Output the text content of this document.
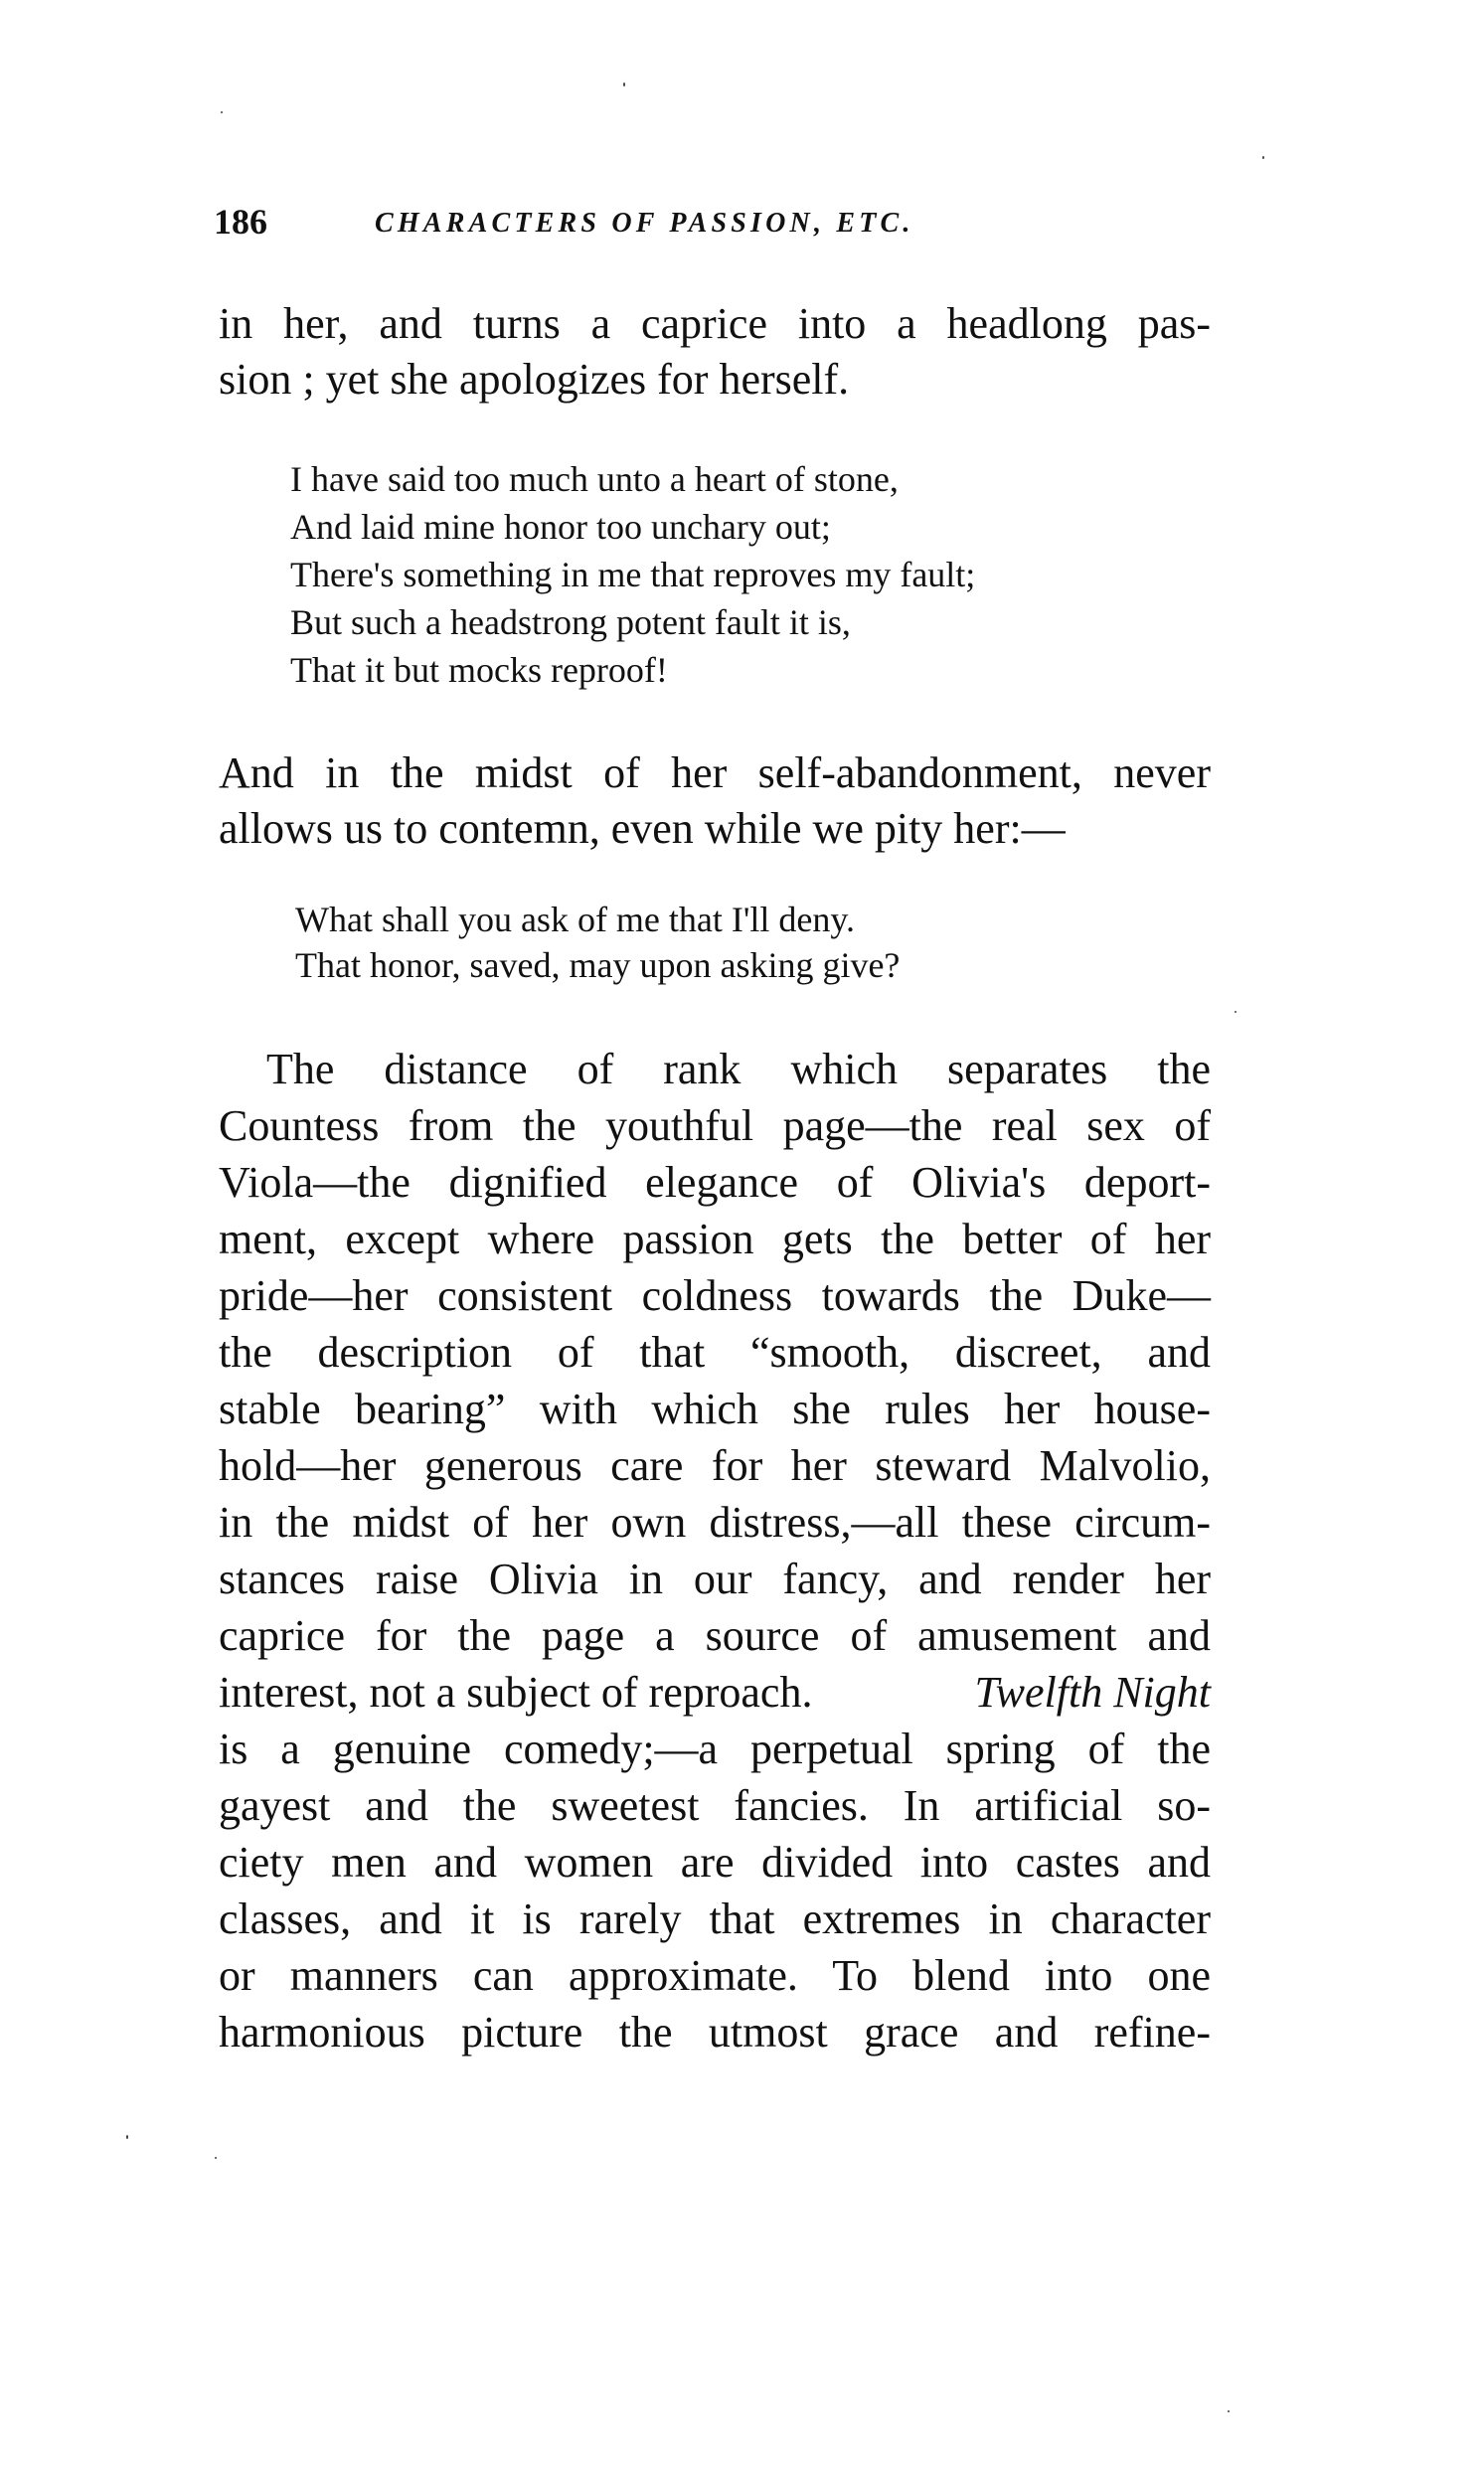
186	CHARACTERS OF PASSION, ETC.
in her, and turns a caprice into a headlong pas-
sion ; yet she apologizes for herself.
I have said too much unto a heart of stone,
And laid mine honor too unchary out;
There's something in me that reproves my fault;
But such a headstrong potent fault it is,
That it but mocks reproof!
And in the midst of her self-abandonment, never
allows us to contemn, even while we pity her:—
What shall you ask of me that I'll deny.
That honor, saved, may upon asking give?
The distance of rank which separates the
Countess from the youthful page—the real sex of
Viola—the dignified elegance of Olivia's deport-
ment, except where passion gets the better of her
pride—her consistent coldness towards the Duke—
the description of that “smooth, discreet, and
stable bearing” with which she rules her house-
hold—her generous care for her steward Malvolio,
in the midst of her own distress,—all these circum-
stances raise Olivia in our fancy, and render her
caprice for the page a source of amusement and
interest, not a subject of reproach.	Twelfth Night
is a genuine comedy;—a perpetual spring of the
gayest and the sweetest fancies. In artificial so-
ciety men and women are divided into castes and
classes, and it is rarely that extremes in character
or manners can approximate. To blend into one
harmonious picture the utmost grace and refine-
